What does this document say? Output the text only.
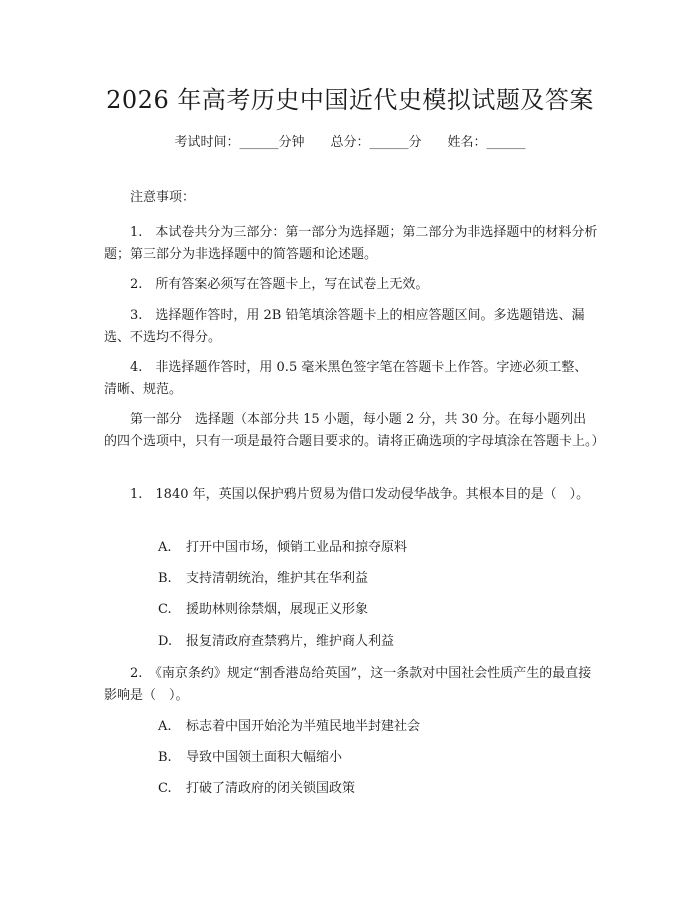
2026 年高考历史中国近代史模拟试题及答案
考试时间：______分钟 总分：______分 姓名：______

注意事项：

1.　本试卷共分为三部分：第一部分为选择题；第二部分为非选择题中的材料分析题；第三部分为非选择题中的简答题和论述题。

2.　所有答案必须写在答题卡上，写在试卷上无效。

3.　选择题作答时，用 2B 铅笔填涂答题卡上的相应答题区间。多选题错选、漏选、不选均不得分。

4.　非选择题作答时，用 0.5 毫米黑色签字笔在答题卡上作答。字迹必须工整、清晰、规范。

第一部分　选择题（本部分共 15 小题，每小题 2 分，共 30 分。在每小题列出的四个选项中，只有一项是最符合题目要求的。请将正确选项的字母填涂在答题卡上。）

1.　1840 年，英国以保护鸦片贸易为借口发动侵华战争。其根本目的是（　）。

A. 打开中国市场，倾销工业品和掠夺原料

B. 支持清朝统治，维护其在华利益

C. 援助林则徐禁烟，展现正义形象

D. 报复清政府查禁鸦片，维护商人利益

2.　《南京条约》规定“割香港岛给英国”，这一条款对中国社会性质产生的最直接影响是（　）。

A. 标志着中国开始沦为半殖民地半封建社会

B. 导致中国领土面积大幅缩小

C. 打破了清政府的闭关锁国政策
